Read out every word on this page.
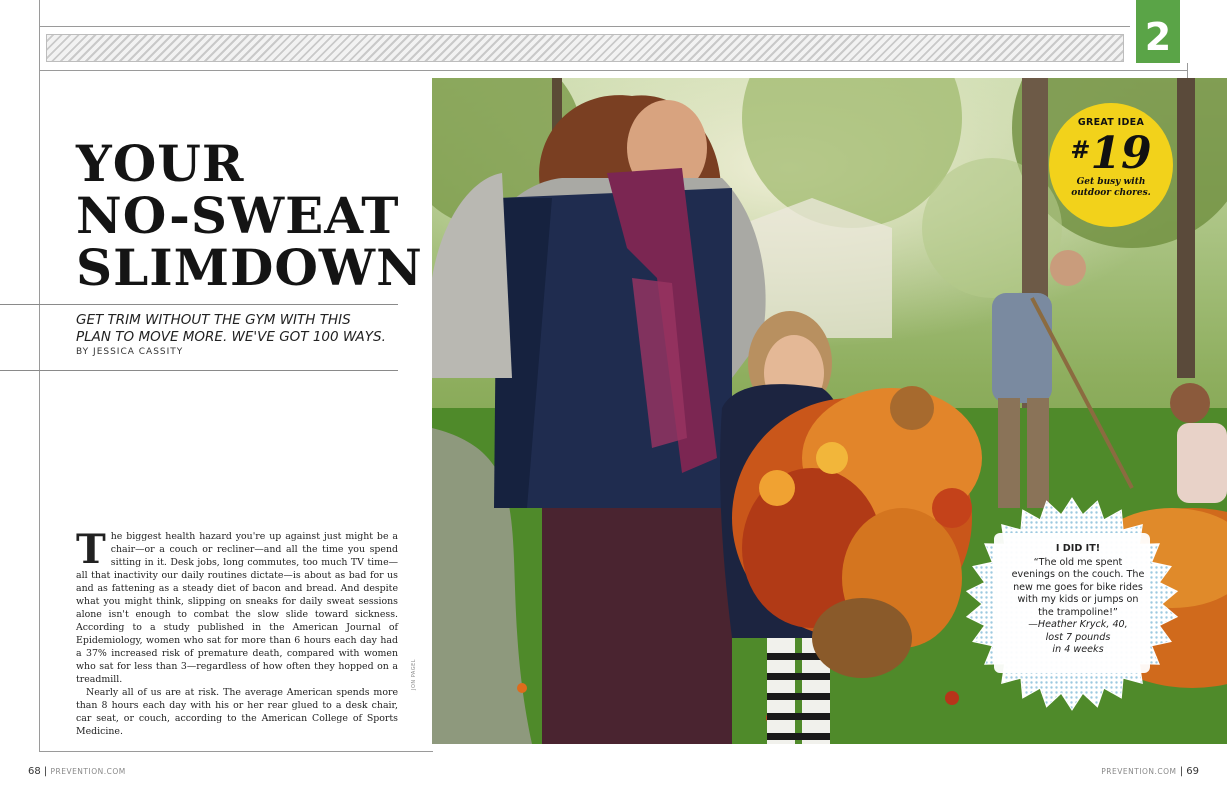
2
YOUR
NO-SWEAT
SLIMDOWN

GET TRIM WITHOUT THE GYM WITH THIS
PLAN TO MOVE MORE. WE'VE GOT 100 WAYS.

BY JESSICA CASSITY

The biggest health hazard you're up against just might be a chair—or a couch or recliner—and all the time you spend sitting in it. Desk jobs, long commutes, too much TV time—all that inactivity our daily routines dictate—is about as bad for us and as fattening as a steady diet of bacon and bread. And despite what you might think, slipping on sneaks for daily sweat sessions alone isn't enough to combat the slow slide toward sickness. According to a study published in the American Journal of Epidemiology, women who sat for more than 6 hours each day had a 37% increased risk of premature death, compared with women who sat for less than 3—regardless of how often they hopped on a treadmill.

Nearly all of us are at risk. The average American spends more than 8 hours each day with his or her rear glued to a desk chair, car seat, or couch, according to the American College of Sports Medicine.

JON PAGEL
GREAT IDEA
#19
Get busy with
outdoor chores.
I DID IT!
“The old me spent
evenings on the couch. The
new me goes for bike rides
with my kids or jumps on
the trampoline!”
—Heather Kryck, 40,
lost 7 pounds
in 4 weeks
68 | PREVENTION.COM	PREVENTION.COM | 69
